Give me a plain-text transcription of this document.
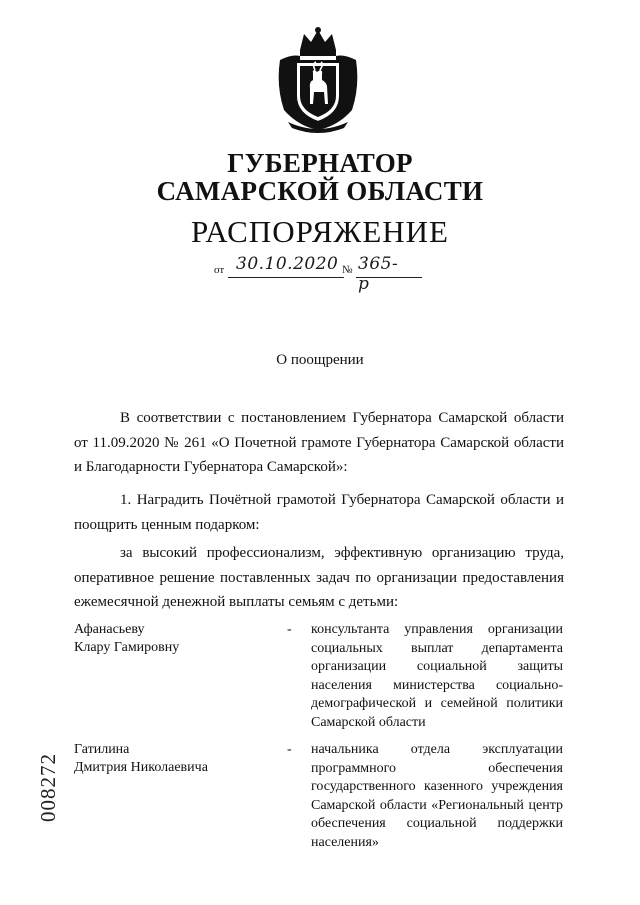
ГУБЕРНАТОР
САМАРСКОЙ ОБЛАСТИ
РАСПОРЯЖЕНИЕ
от 30.10.2020 № 365-р
О поощрении
В соответствии с постановлением Губернатора Самарской области от 11.09.2020 № 261 «О Почетной грамоте Губернатора Самарской области и Благодарности Губернатора Самарской»:
1. Наградить Почётной грамотой Губернатора Самарской области и поощрить ценным подарком:
за высокий профессионализм, эффективную организацию труда, оперативное решение поставленных задач по организации предоставления ежемесячной денежной выплаты семьям с детьми:
Афанасьеву
Клару Гамировну
- консультанта управления организации социальных выплат департамента организации социальной защиты населения министерства социально-демографической и семейной политики Самарской области
Гатилина
Дмитрия Николаевича
- начальника отдела эксплуатации программного обеспечения государственного казенного учреждения Самарской области «Региональный центр обеспечения социальной поддержки населения»
008272
